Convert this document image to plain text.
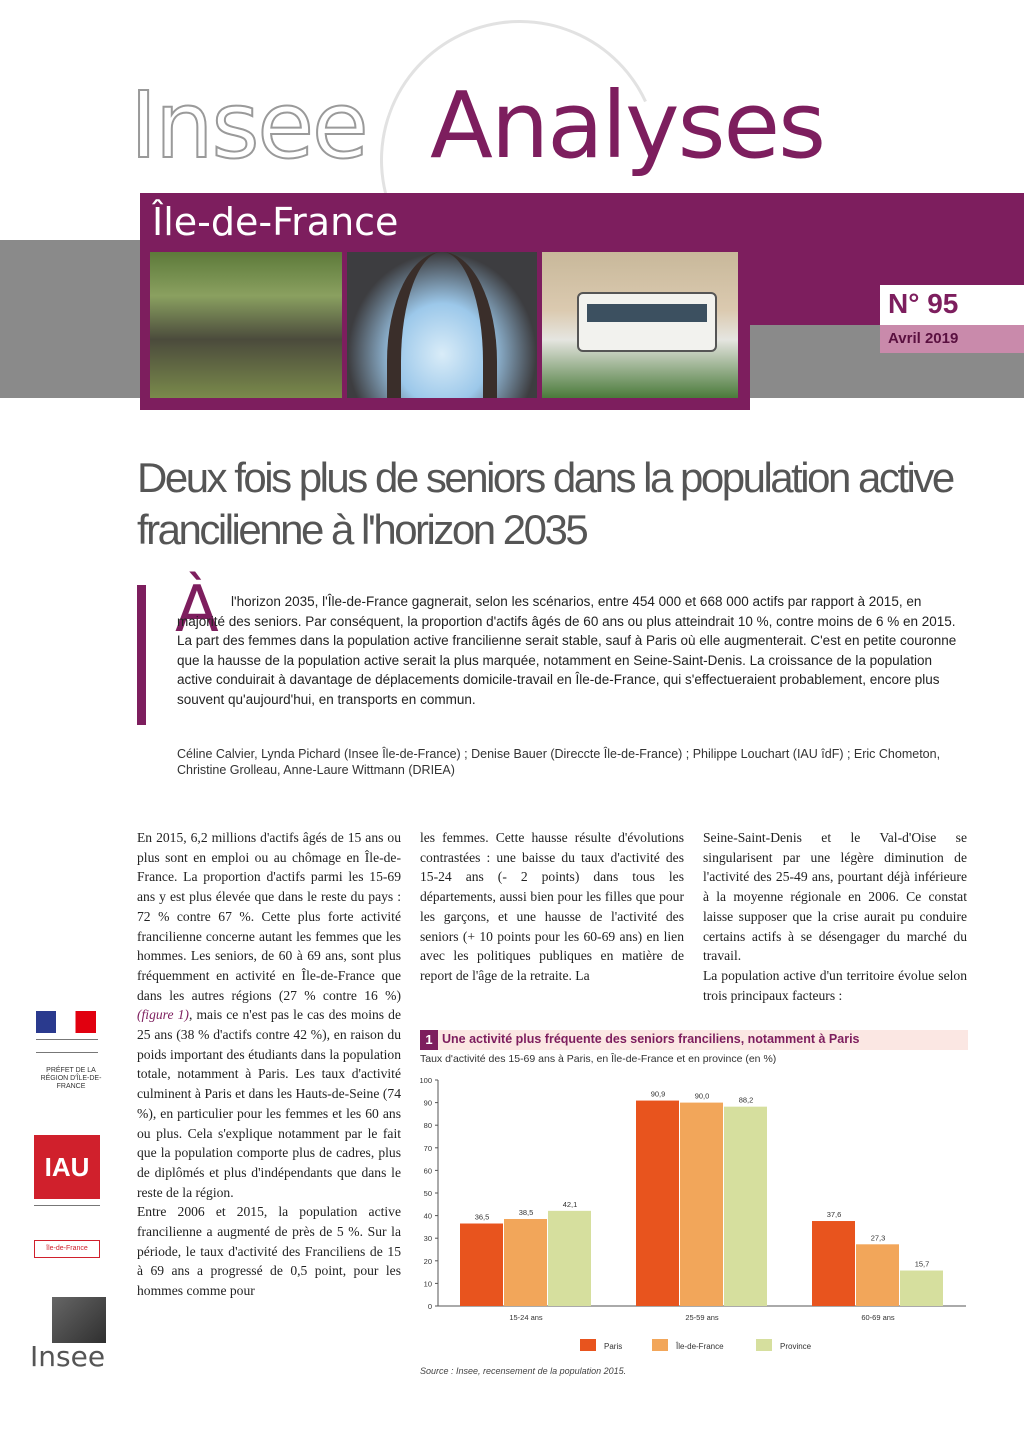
Insee Analyses
Île-de-France
N° 95
Avril 2019
Deux fois plus de seniors dans la population active francilienne à l'horizon 2035
À l'horizon 2035, l'Île-de-France gagnerait, selon les scénarios, entre 454 000 et 668 000 actifs par rapport à 2015, en majorité des seniors. Par conséquent, la proportion d'actifs âgés de 60 ans ou plus atteindrait 10 %, contre moins de 6 % en 2015. La part des femmes dans la population active francilienne serait stable, sauf à Paris où elle augmenterait. C'est en petite couronne que la hausse de la population active serait la plus marquée, notamment en Seine-Saint-Denis. La croissance de la population active conduirait à davantage de déplacements domicile-travail en Île-de-France, qui s'effectueraient probablement, encore plus souvent qu'aujourd'hui, en transports en commun.
Céline Calvier, Lynda Pichard (Insee Île-de-France) ; Denise Bauer (Direccte Île-de-France) ; Philippe Louchart (IAU îdF) ; Eric Chometon, Christine Grolleau, Anne-Laure Wittmann (DRIEA)

En 2015, 6,2 millions d'actifs âgés de 15 ans ou plus sont en emploi ou au chômage en Île-de-France. La proportion d'actifs parmi les 15-69 ans y est plus élevée que dans le reste du pays : 72 % contre 67 %. Cette plus forte activité francilienne concerne autant les femmes que les hommes. Les seniors, de 60 à 69 ans, sont plus fréquemment en activité en Île-de-France que dans les autres régions (27 % contre 16 %) (figure 1), mais ce n'est pas le cas des moins de 25 ans (38 % d'actifs contre 42 %), en raison du poids important des étudiants dans la population totale, notamment à Paris. Les taux d'activité culminent à Paris et dans les Hauts-de-Seine (74 %), en particulier pour les femmes et les 60 ans ou plus. Cela s'explique notamment par le fait que la population comporte plus de cadres, plus de diplômés et plus d'indépendants que dans le reste de la région.

Entre 2006 et 2015, la population active francilienne a augmenté de près de 5 %. Sur la période, le taux d'activité des Franciliens de 15 à 69 ans a progressé de 0,5 point, pour les hommes comme pour

les femmes. Cette hausse résulte d'évolutions contrastées : une baisse du taux d'activité des 15-24 ans (- 2 points) dans tous les départements, aussi bien pour les filles que pour les garçons, et une hausse de l'activité des seniors (+ 10 points pour les 60-69 ans) en lien avec les politiques publiques en matière de report de l'âge de la retraite. La

Seine-Saint-Denis et le Val-d'Oise se singularisent par une légère diminution de l'activité des 25-49 ans, pourtant déjà inférieure à la moyenne régionale en 2006. Ce constat laisse supposer que la crise aurait pu conduire certains actifs à se désengager du marché du travail.

La population active d'un territoire évolue selon trois principaux facteurs :

PRÉFET DE LA RÉGION D'ÎLE-DE-FRANCE
IAU
île-de-France
Insee
1 Une activité plus fréquente des seniors franciliens, notamment à Paris
Taux d'activité des 15-69 ans à Paris, en Île-de-France et en province (en %)
0
10
20
30
40
50
60
70
80
90
100
36,5
38,5
42,1
15-24 ans
90,9	90,0	88,2
25-59 ans
37,6
27,3
15,7
60-69 ans
Paris	Île-de-France	Province
Source : Insee, recensement de la population 2015.
